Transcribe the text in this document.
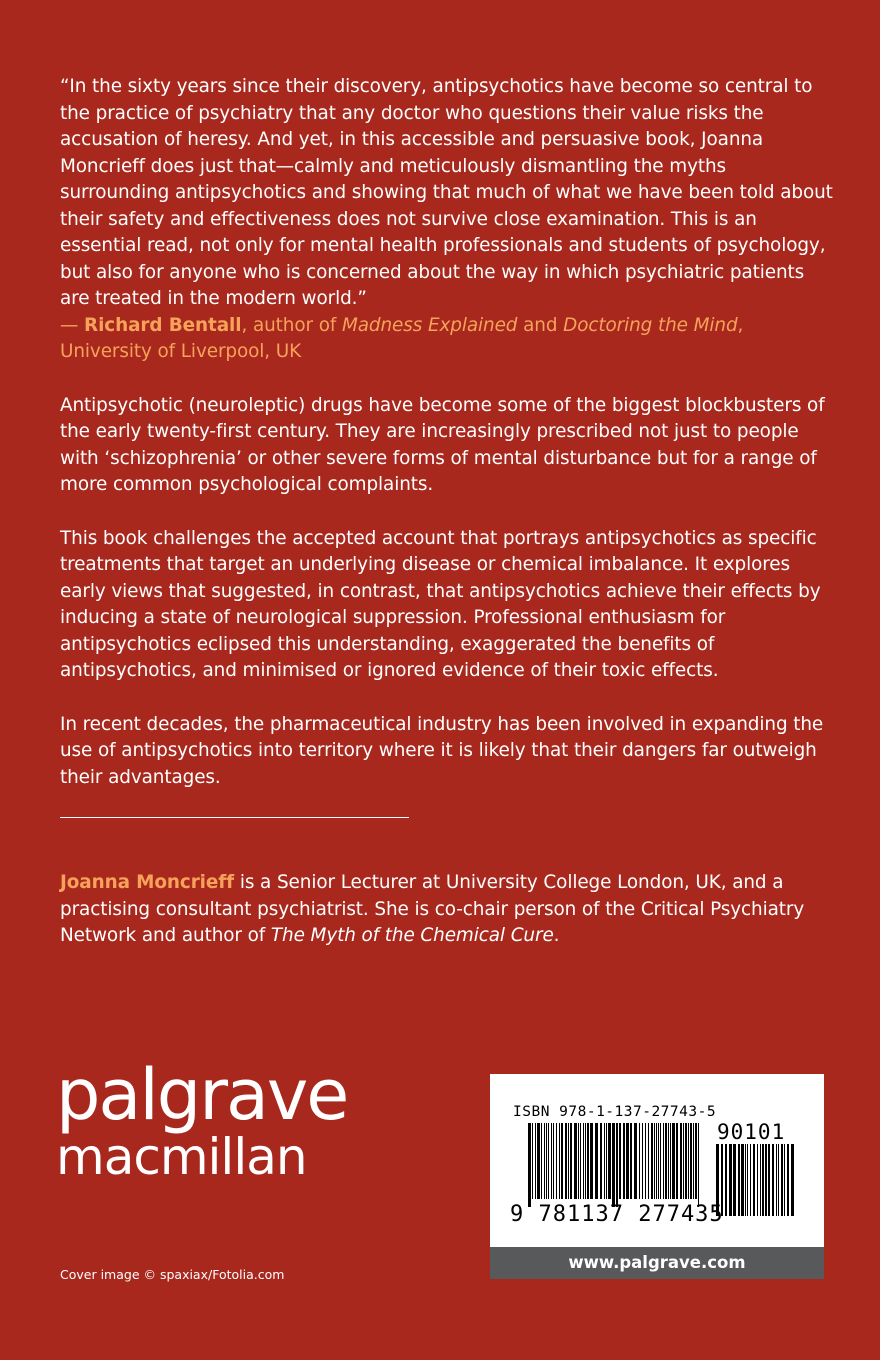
“In the sixty years since their discovery, antipsychotics have become so central to the practice of psychiatry that any doctor who questions their value risks the accusation of heresy. And yet, in this accessible and persuasive book, Joanna Moncrieff does just that—calmly and meticulously dismantling the myths surrounding antipsychotics and showing that much of what we have been told about their safety and effectiveness does not survive close examination. This is an essential read, not only for mental health professionals and students of psychology, but also for anyone who is concerned about the way in which psychiatric patients are treated in the modern world.”
— Richard Bentall, author of Madness Explained and Doctoring the Mind, University of Liverpool, UK

Antipsychotic (neuroleptic) drugs have become some of the biggest blockbusters of the early twenty-first century. They are increasingly prescribed not just to people with ‘schizophrenia’ or other severe forms of mental disturbance but for a range of more common psychological complaints.

This book challenges the accepted account that portrays antipsychotics as specific treatments that target an underlying disease or chemical imbalance. It explores early views that suggested, in contrast, that antipsychotics achieve their effects by inducing a state of neurological suppression. Professional enthusiasm for antipsychotics eclipsed this understanding, exaggerated the benefits of antipsychotics, and minimised or ignored evidence of their toxic effects.

In recent decades, the pharmaceutical industry has been involved in expanding the use of antipsychotics into territory where it is likely that their dangers far outweigh their advantages.

Joanna Moncrieff is a Senior Lecturer at University College London, UK, and a practising consultant psychiatrist. She is co-chair person of the Critical Psychiatry Network and author of The Myth of the Chemical Cure.

palgrave
macmillan
Cover image © spaxiax/Fotolia.com
ISBN 978-1-137-27743-5
90101
9 781137 277435
www.palgrave.com
